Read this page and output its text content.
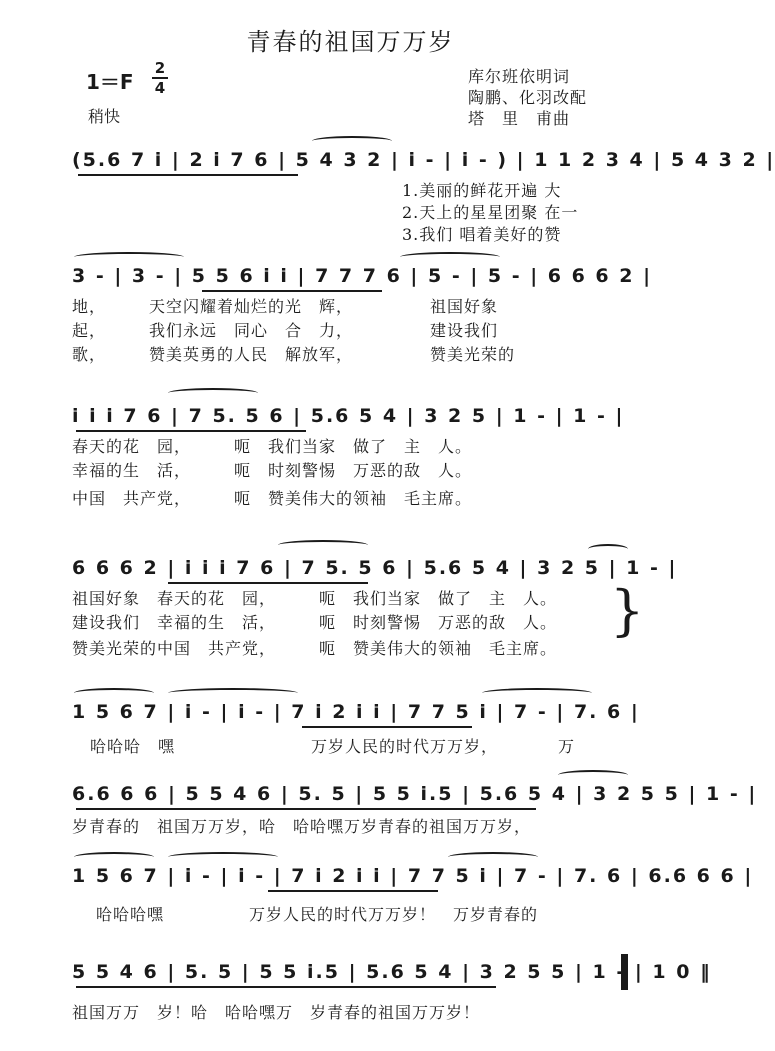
青春的祖国万万岁
1＝F
2
4
稍快
库尔班依明词
陶鹏、化羽改配
塔　里　甫曲
(5.6 7 i | 2 i 7 6 | 5 4 3 2 | i - | i - ) | 1 1 2 3 4 | 5 4 3 2 |
1.美丽的鲜花开遍 大
2.天上的星星团聚 在一
3.我们 唱着美好的赞
3 - | 3 - | 5 5 6 i i | 7 7 7 6 | 5 - | 5 - | 6 6 6 2 |
地，　　　天空闪耀着灿烂的光　辉，　　　　　祖国好象
起，　　　我们永远　同心　合　力，　　　　　建设我们
歌，　　　赞美英勇的人民　解放军，　　　　　赞美光荣的
i i i 7 6 | 7 5. 5 6 | 5.6 5 4 | 3 2 5 | 1 - | 1 - |
春天的花　园，　　　呃　我们当家　做了　主　人。
幸福的生　活，　　　呃　时刻警惕　万恶的敌　人。
中国　共产党，　　　呃　赞美伟大的领袖　毛主席。
6 6 6 2 | i i i 7 6 | 7 5. 5 6 | 5.6 5 4 | 3 2 5 | 1 - |
祖国好象　春天的花　园，　　　呃　我们当家　做了　主　人。
建设我们　幸福的生　活，　　　呃　时刻警惕　万恶的敌　人。
赞美光荣的中国　共产党，　　　呃　赞美伟大的领袖　毛主席。
}
1 5 6 7 | i - | i - | 7 i 2 i i | 7 7 5 i | 7 - | 7. 6 |
哈哈哈　嘿　　　　　　　　万岁人民的时代万万岁，　　　　万
6.6 6 6 | 5 5 4 6 | 5. 5 | 5 5 i.5 | 5.6 5 4 | 3 2 5 5 | 1 - |
岁青春的　祖国万万岁，哈　哈哈嘿万岁青春的祖国万万岁，
1 5 6 7 | i - | i - | 7 i 2 i i | 7 7 5 i | 7 - | 7. 6 | 6.6 6 6 |
哈哈哈嘿　　　　　万岁人民的时代万万岁！　万岁青春的
5 5 4 6 | 5. 5 | 5 5 i.5 | 5.6 5 4 | 3 2 5 5 | 1 - | 1 0 ‖
祖国万万　岁！哈　哈哈嘿万　岁青春的祖国万万岁！
